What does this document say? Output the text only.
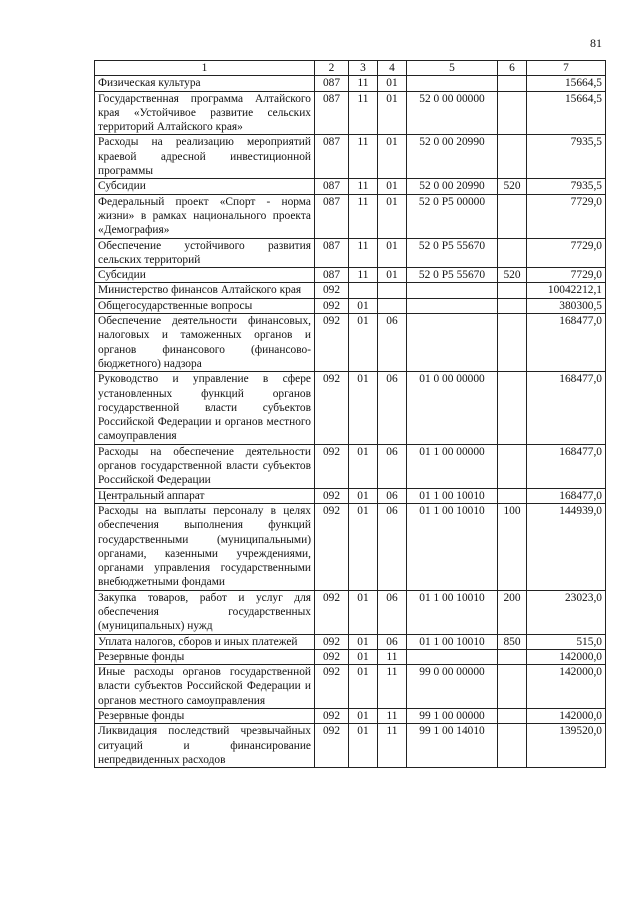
81
1	2	3	4	5	6	7
Физическая культура	087	11	01			15664,5
Государственная программа Алтайского края «Устойчивое развитие сельских территорий Алтайского края»	087	11	01	52 0 00 00000		15664,5
Расходы на реализацию мероприятий краевой адресной инвестиционной программы	087	11	01	52 0 00 20990		7935,5
Субсидии	087	11	01	52 0 00 20990	520	7935,5
Федеральный проект «Спорт - норма жизни» в рамках национального проекта «Демография»	087	11	01	52 0 Р5 00000		7729,0
Обеспечение устойчивого развития сельских территорий	087	11	01	52 0 Р5 55670		7729,0
Субсидии	087	11	01	52 0 Р5 55670	520	7729,0
Министерство финансов Алтайского края	092					10042212,1
Общегосударственные вопросы	092	01				380300,5
Обеспечение деятельности финансовых, налоговых и таможенных органов и органов финансового (финансово-бюджетного) надзора	092	01	06			168477,0
Руководство и управление в сфере установленных функций органов государственной власти субъектов Российской Федерации и органов местного самоуправления	092	01	06	01 0 00 00000		168477,0
Расходы на обеспечение деятельности органов государственной власти субъектов Российской Федерации	092	01	06	01 1 00 00000		168477,0
Центральный аппарат	092	01	06	01 1 00 10010		168477,0
Расходы на выплаты персоналу в целях обеспечения выполнения функций государственными (муниципальными) органами, казенными учреждениями, органами управления государственными внебюджетными фондами	092	01	06	01 1 00 10010	100	144939,0
Закупка товаров, работ и услуг для обеспечения государственных (муниципальных) нужд	092	01	06	01 1 00 10010	200	23023,0
Уплата налогов, сборов и иных платежей	092	01	06	01 1 00 10010	850	515,0
Резервные фонды	092	01	11			142000,0
Иные расходы органов государственной власти субъектов Российской Федерации и органов местного самоуправления	092	01	11	99 0 00 00000		142000,0
Резервные фонды	092	01	11	99 1 00 00000		142000,0
Ликвидация последствий чрезвычайных ситуаций и финансирование непредвиденных расходов	092	01	11	99 1 00 14010		139520,0
